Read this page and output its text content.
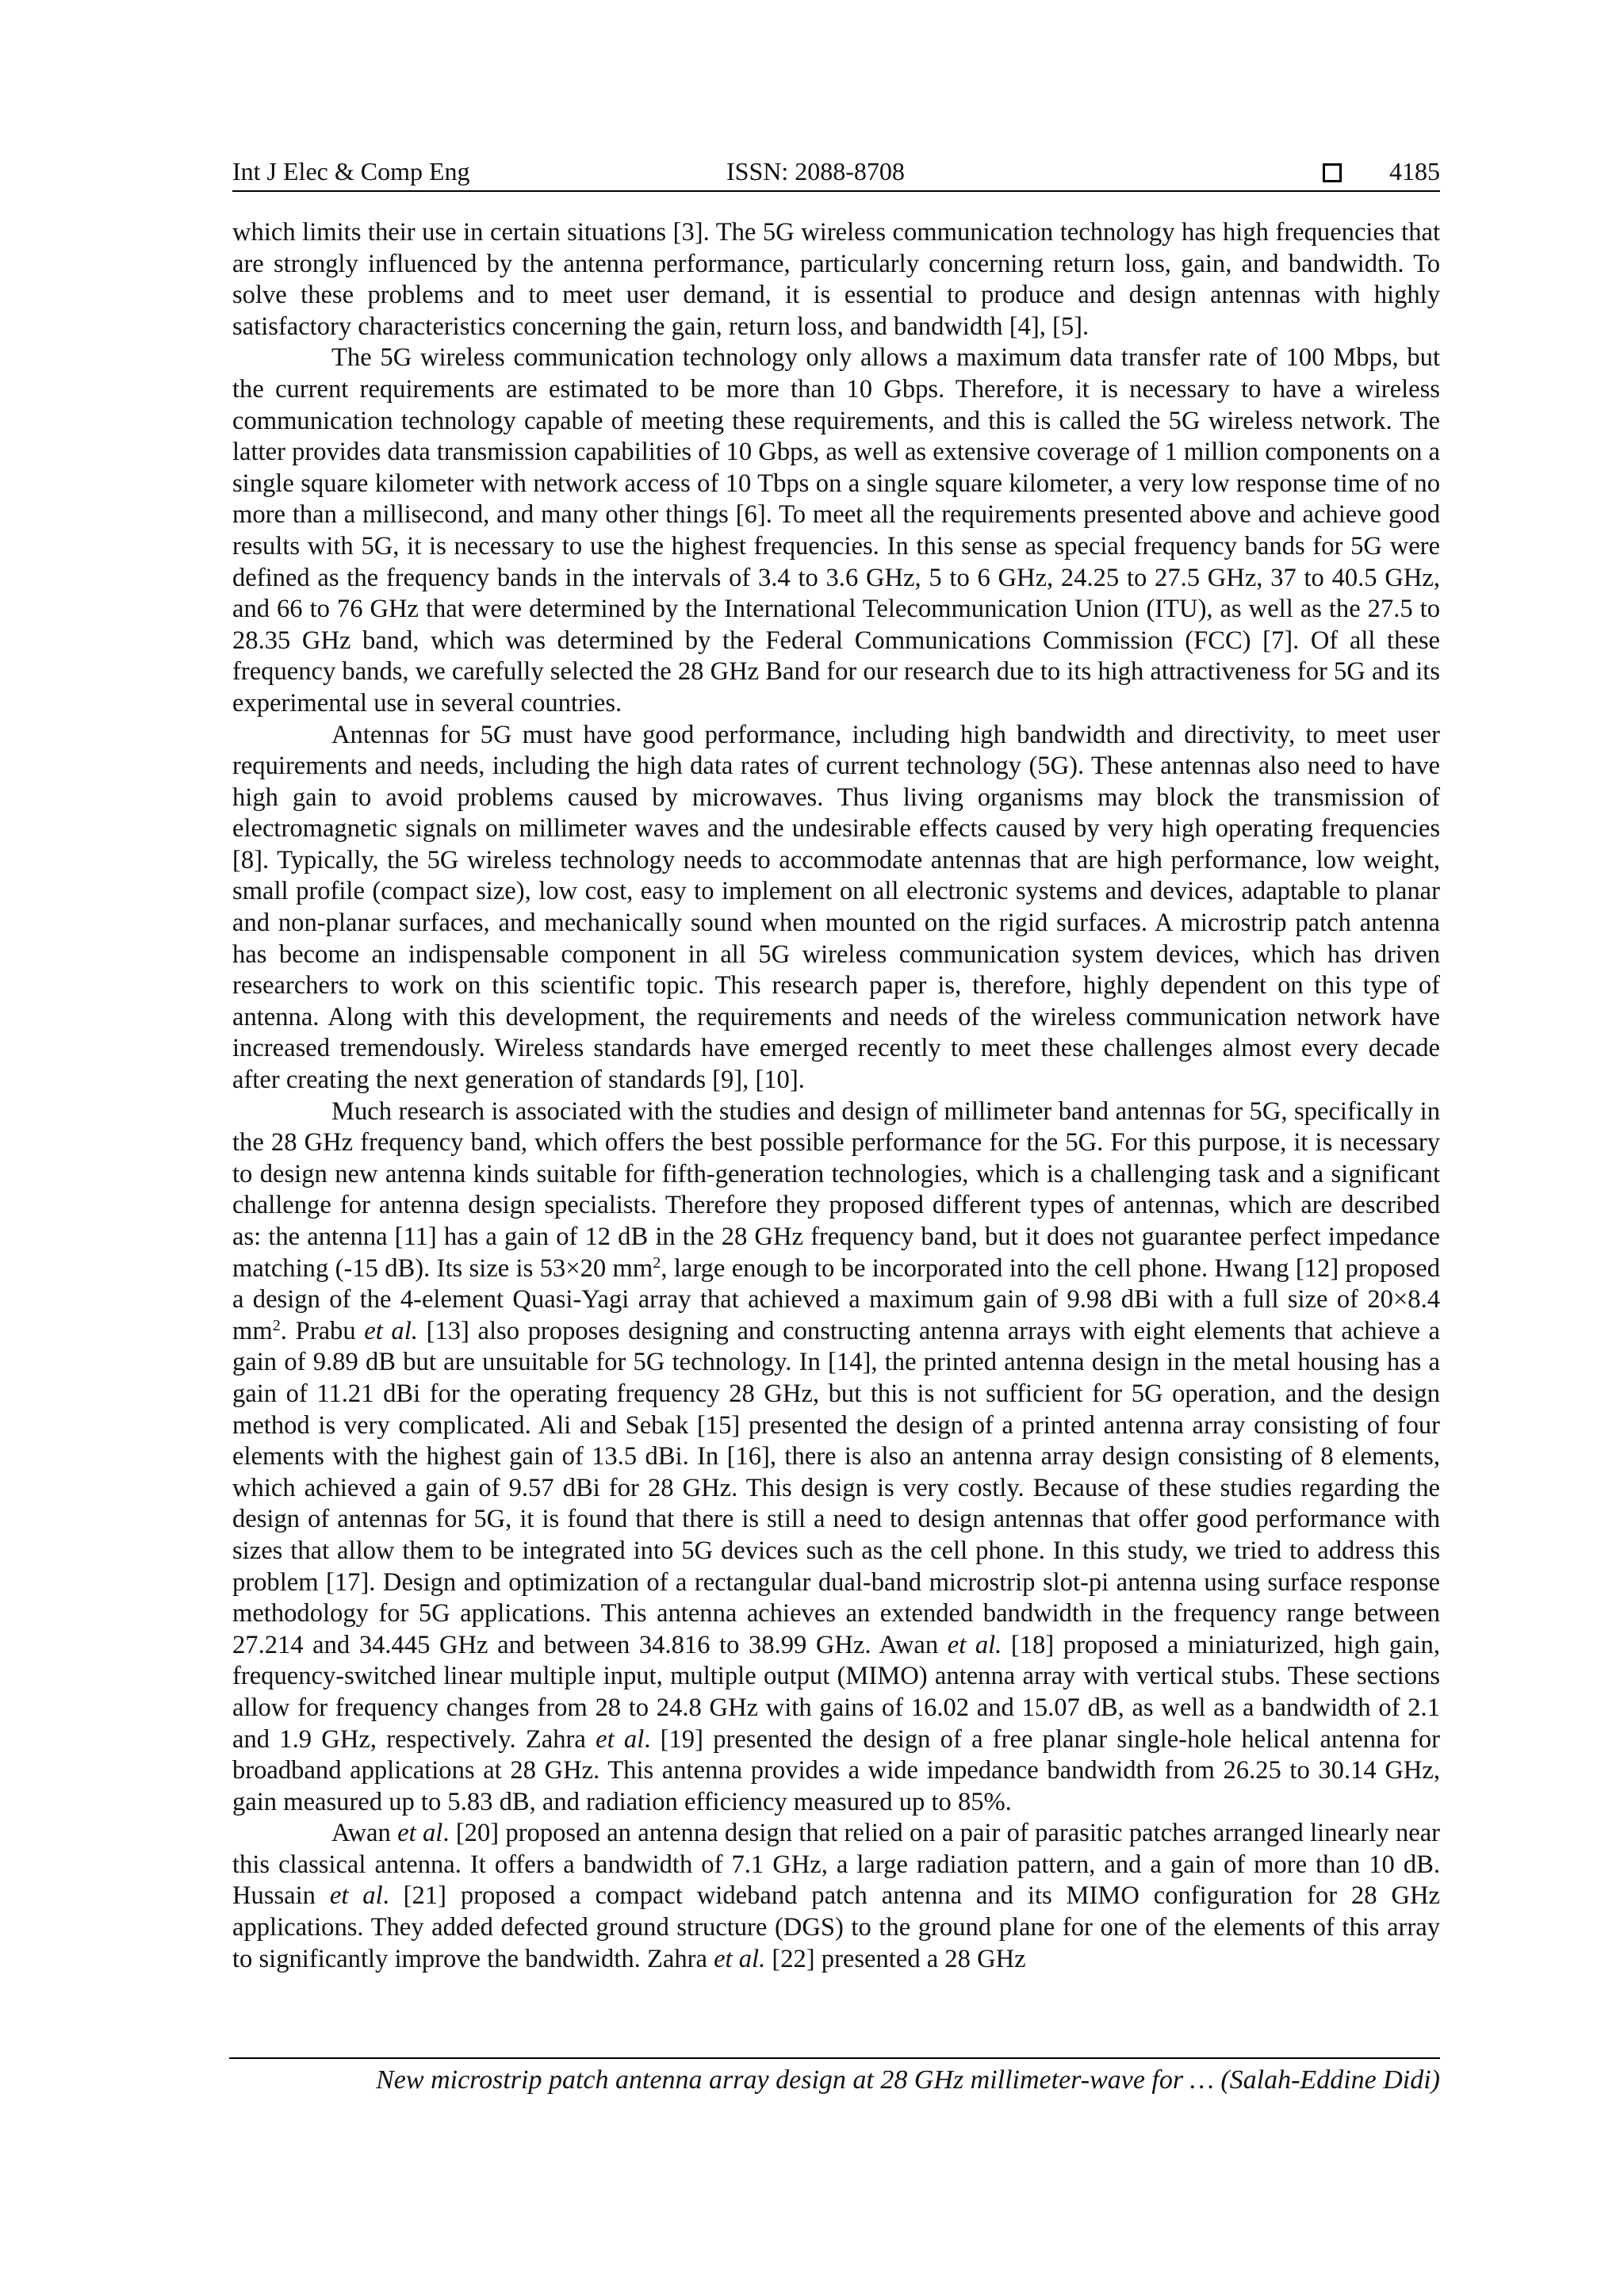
Int J Elec & Comp Eng	ISSN: 2088-8708	4185

which limits their use in certain situations [3]. The 5G wireless communication technology has high frequencies that are strongly influenced by the antenna performance, particularly concerning return loss, gain, and bandwidth. To solve these problems and to meet user demand, it is essential to produce and design antennas with highly satisfactory characteristics concerning the gain, return loss, and bandwidth [4], [5].

The 5G wireless communication technology only allows a maximum data transfer rate of 100 Mbps, but the current requirements are estimated to be more than 10 Gbps. Therefore, it is necessary to have a wireless communication technology capable of meeting these requirements, and this is called the 5G wireless network. The latter provides data transmission capabilities of 10 Gbps, as well as extensive coverage of 1 million components on a single square kilometer with network access of 10 Tbps on a single square kilometer, a very low response time of no more than a millisecond, and many other things [6]. To meet all the requirements presented above and achieve good results with 5G, it is necessary to use the highest frequencies. In this sense as special frequency bands for 5G were defined as the frequency bands in the intervals of 3.4 to 3.6 GHz, 5 to 6 GHz, 24.25 to 27.5 GHz, 37 to 40.5 GHz, and 66 to 76 GHz that were determined by the International Telecommunication Union (ITU), as well as the 27.5 to 28.35 GHz band, which was determined by the Federal Communications Commission (FCC) [7]. Of all these frequency bands, we carefully selected the 28 GHz Band for our research due to its high attractiveness for 5G and its experimental use in several countries.

Antennas for 5G must have good performance, including high bandwidth and directivity, to meet user requirements and needs, including the high data rates of current technology (5G). These antennas also need to have high gain to avoid problems caused by microwaves. Thus living organisms may block the transmission of electromagnetic signals on millimeter waves and the undesirable effects caused by very high operating frequencies [8]. Typically, the 5G wireless technology needs to accommodate antennas that are high performance, low weight, small profile (compact size), low cost, easy to implement on all electronic systems and devices, adaptable to planar and non-planar surfaces, and mechanically sound when mounted on the rigid surfaces. A microstrip patch antenna has become an indispensable component in all 5G wireless communication system devices, which has driven researchers to work on this scientific topic. This research paper is, therefore, highly dependent on this type of antenna. Along with this development, the requirements and needs of the wireless communication network have increased tremendously. Wireless standards have emerged recently to meet these challenges almost every decade after creating the next generation of standards [9], [10].

Much research is associated with the studies and design of millimeter band antennas for 5G, specifically in the 28 GHz frequency band, which offers the best possible performance for the 5G. For this purpose, it is necessary to design new antenna kinds suitable for fifth-generation technologies, which is a challenging task and a significant challenge for antenna design specialists. Therefore they proposed different types of antennas, which are described as: the antenna [11] has a gain of 12 dB in the 28 GHz frequency band, but it does not guarantee perfect impedance matching (-15 dB). Its size is 53×20 $mm^2$, large enough to be incorporated into the cell phone. Hwang [12] proposed a design of the 4-element Quasi-Yagi array that achieved a maximum gain of 9.98 dBi with a full size of 20×8.4 $mm^2$. Prabu et al. [13] also proposes designing and constructing antenna arrays with eight elements that achieve a gain of 9.89 dB but are unsuitable for 5G technology. In [14], the printed antenna design in the metal housing has a gain of 11.21 dBi for the operating frequency 28 GHz, but this is not sufficient for 5G operation, and the design method is very complicated. Ali and Sebak [15] presented the design of a printed antenna array consisting of four elements with the highest gain of 13.5 dBi. In [16], there is also an antenna array design consisting of 8 elements, which achieved a gain of 9.57 dBi for 28 GHz. This design is very costly. Because of these studies regarding the design of antennas for 5G, it is found that there is still a need to design antennas that offer good performance with sizes that allow them to be integrated into 5G devices such as the cell phone. In this study, we tried to address this problem [17]. Design and optimization of a rectangular dual-band microstrip slot-pi antenna using surface response methodology for 5G applications. This antenna achieves an extended bandwidth in the frequency range between 27.214 and 34.445 GHz and between 34.816 to 38.99 GHz. Awan et al. [18] proposed a miniaturized, high gain, frequency-switched linear multiple input, multiple output (MIMO) antenna array with vertical stubs. These sections allow for frequency changes from 28 to 24.8 GHz with gains of 16.02 and 15.07 dB, as well as a bandwidth of 2.1 and 1.9 GHz, respectively. Zahra et al. [19] presented the design of a free planar single-hole helical antenna for broadband applications at 28 GHz. This antenna provides a wide impedance bandwidth from 26.25 to 30.14 GHz, gain measured up to 5.83 dB, and radiation efficiency measured up to 85%.

Awan et al. [20] proposed an antenna design that relied on a pair of parasitic patches arranged linearly near this classical antenna. It offers a bandwidth of 7.1 GHz, a large radiation pattern, and a gain of more than 10 dB. Hussain et al. [21] proposed a compact wideband patch antenna and its MIMO configuration for 28 GHz applications. They added defected ground structure (DGS) to the ground plane for one of the elements of this array to significantly improve the bandwidth. Zahra et al. [22] presented a 28 GHz

New microstrip patch antenna array design at 28 GHz millimeter-wave for … (Salah-Eddine Didi)
